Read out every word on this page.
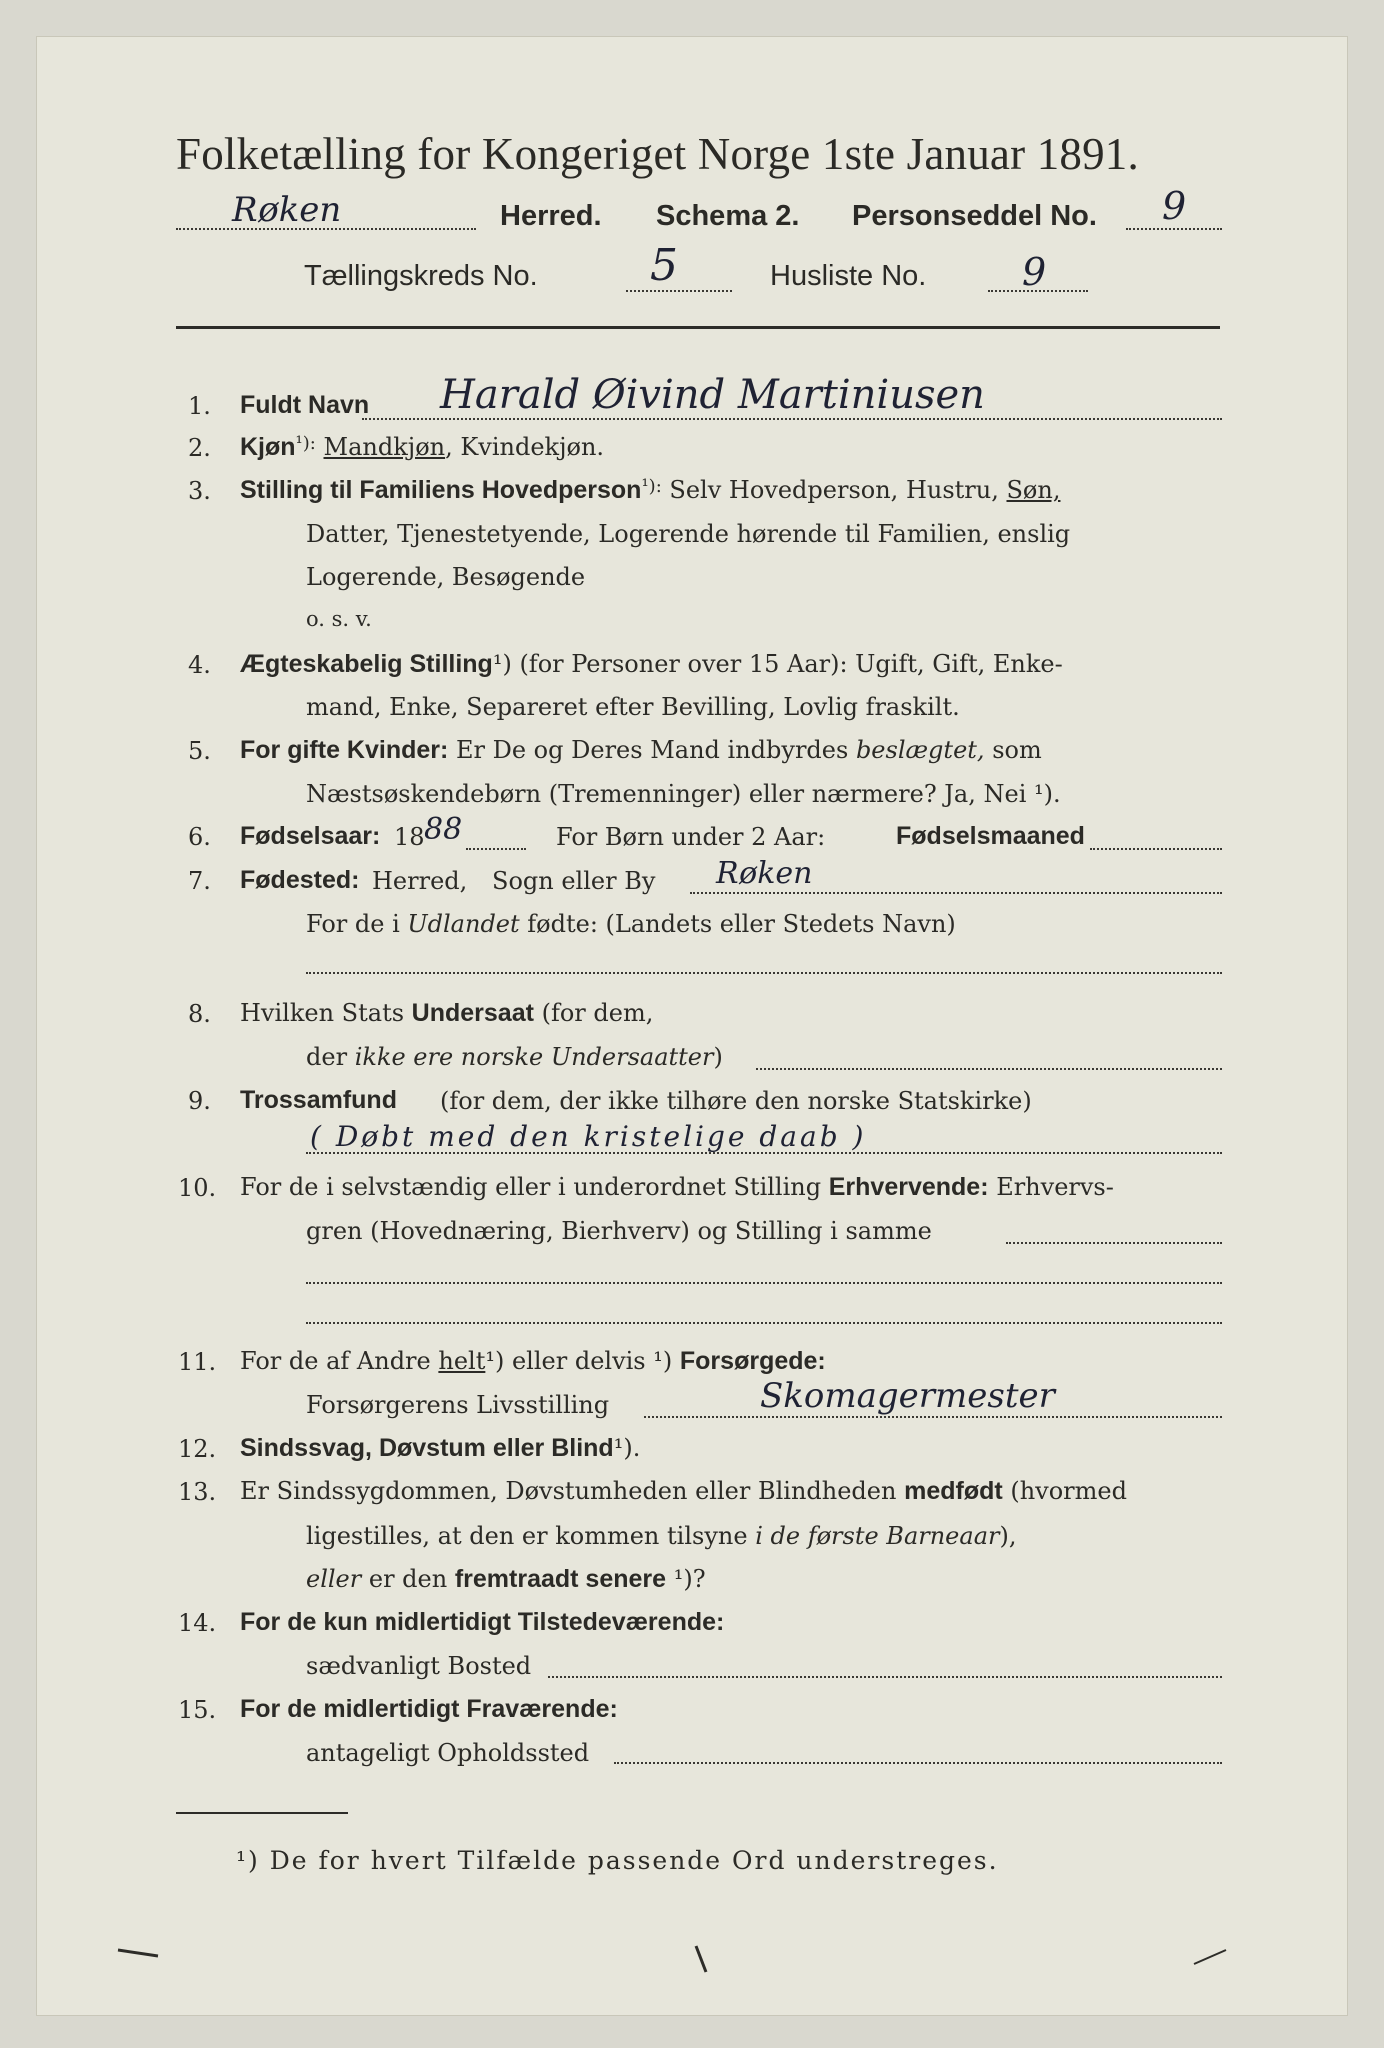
Folketælling for Kongeriget Norge 1ste Januar 1891.
Røken	Herred. Schema 2. Personseddel No. 9
Tællingskreds No.	5	Husliste No.	9
1. Fuldt Navn Harald Øivind Martiniusen
2. Kjøn$^{^1):}$ Mandkjøn, Kvindekjøn.
3. Stilling til Familiens Hovedperson$^{^1):}$ Selv Hovedperson, Hustru, Søn,
Datter, Tjenestetyende, Logerende hørende til Familien, enslig
Logerende, Besøgende
o. s. v.
4. Ægteskabelig Stilling¹) (for Personer over 15 Aar): Ugift, Gift, Enke-
mand, Enke, Separeret efter Bevilling, Lovlig fraskilt.
5. For gifte Kvinder: Er De og Deres Mand indbyrdes beslægtet, som
Næstsøskendebørn (Tremenninger) eller nærmere? Ja, Nei ¹).
6. Fødselsaar: 18 88	For Børn under 2 Aar:	Fødselsmaaned
7. Fødested: Herred, Sogn eller By Røken
For de i Udlandet fødte: (Landets eller Stedets Navn)
8. Hvilken Stats Undersaat (for dem,
der ikke ere norske Undersaatter)
9. Trossamfund (for dem, der ikke tilhøre den norske Statskirke)
( Døbt med den kristelige daab )
10. For de i selvstændig eller i underordnet Stilling Erhvervende: Erhvervs-
gren (Hovednæring, Bierhverv) og Stilling i samme
11. For de af Andre helt¹) eller delvis ¹) Forsørgede:
Forsørgerens Livsstilling	Skomagermester
12. Sindssvag, Døvstum eller Blind¹).
13. Er Sindssygdommen, Døvstumheden eller Blindheden medfødt (hvormed
ligestilles, at den er kommen tilsyne i de første Barneaar),
eller er den fremtraadt senere ¹)?
14. For de kun midlertidigt Tilstedeværende:
sædvanligt Bosted
15. For de midlertidigt Fraværende:
antageligt Opholdssted
¹) De for hvert Tilfælde passende Ord understreges.
